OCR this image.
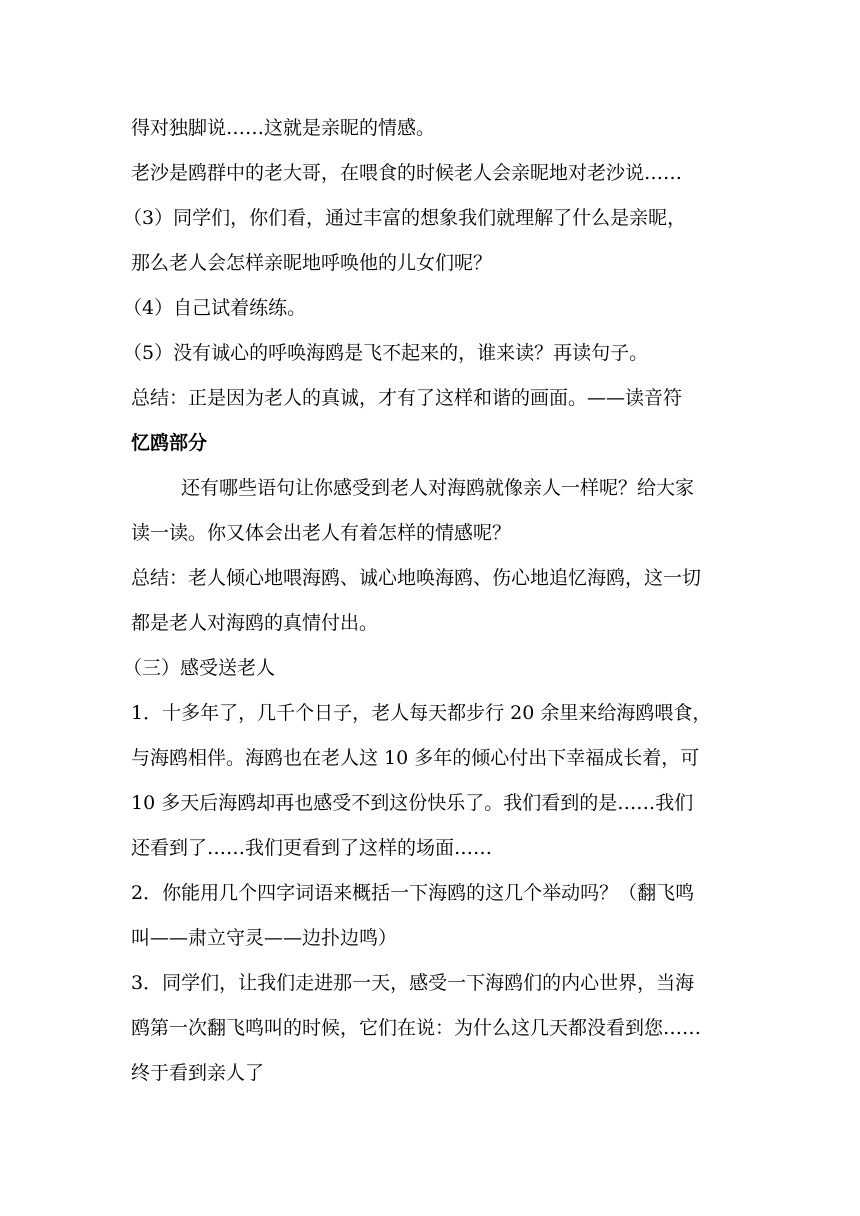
得对独脚说……这就是亲昵的情感。
老沙是鸥群中的老大哥，在喂食的时候老人会亲昵地对老沙说……
（3）同学们，你们看，通过丰富的想象我们就理解了什么是亲昵，
那么老人会怎样亲昵地呼唤他的儿女们呢？
（4）自己试着练练。
（5）没有诚心的呼唤海鸥是飞不起来的，谁来读？再读句子。
总结：正是因为老人的真诚，才有了这样和谐的画面。——读音符
忆鸥部分
还有哪些语句让你感受到老人对海鸥就像亲人一样呢？给大家
读一读。你又体会出老人有着怎样的情感呢？
总结：老人倾心地喂海鸥、诚心地唤海鸥、伤心地追忆海鸥，这一切
都是老人对海鸥的真情付出。
（三）感受送老人
1．十多年了，几千个日子，老人每天都步行 20 余里来给海鸥喂食，
与海鸥相伴。海鸥也在老人这 10 多年的倾心付出下幸福成长着，可
10 多天后海鸥却再也感受不到这份快乐了。我们看到的是……我们
还看到了……我们更看到了这样的场面……
2．你能用几个四字词语来概括一下海鸥的这几个举动吗？（翻飞鸣
叫——肃立守灵——边扑边鸣）
3．同学们，让我们走进那一天，感受一下海鸥们的内心世界，当海
鸥第一次翻飞鸣叫的时候，它们在说：为什么这几天都没看到您……
终于看到亲人了
